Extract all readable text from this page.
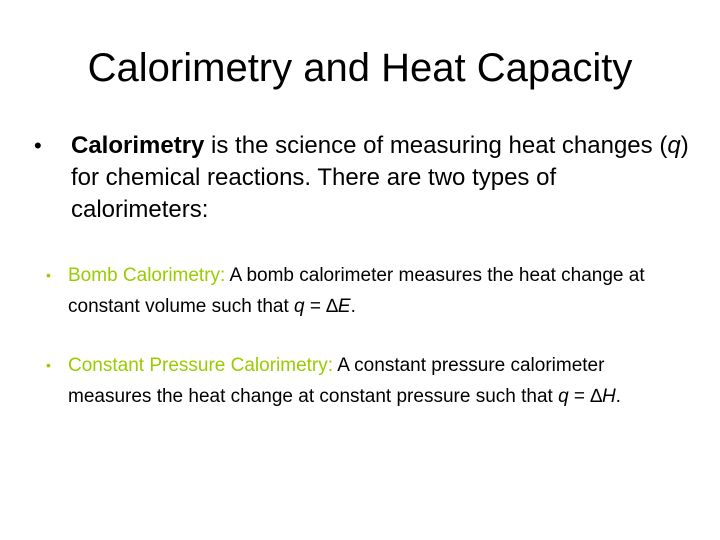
Calorimetry and Heat Capacity
• Calorimetry is the science of measuring heat changes (q) for chemical reactions. There are two types of calorimeters:
• Bomb Calorimetry: A bomb calorimeter measures the heat change at constant volume such that q = ∆E.
• Constant Pressure Calorimetry: A constant pressure calorimeter measures the heat change at constant pressure such that q = ∆H.
